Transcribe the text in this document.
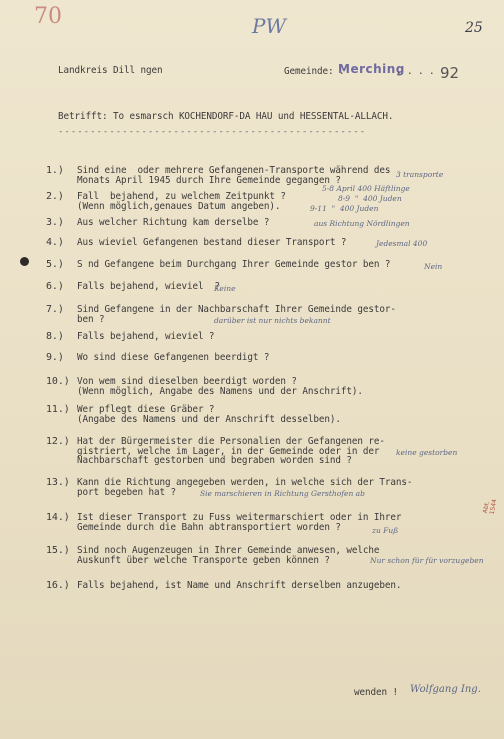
70	PW	25
Landkreis Dill ngen	Gemeinde: .
Merching
. . . . .
92
Betrifft: To esmarsch KOCHENDORF-DA HAU und HESSENTAL-ALLACH.
------------------------------------------------
1.) Sind eine  oder mehrere Gefangenen-Transporte während des
Monats April 1945 durch Ihre Gemeinde gegangen ?
3 transporte
2.) Fall  bejahend, zu welchem Zeitpunkt ?
(Wenn möglich,genaues Datum angeben).
5-8 April 400 Häftlinge
8-9  "  400 Juden
9-11  "  400 Juden
3.) Aus welcher Richtung kam derselbe ?	aus Richtung Nördlingen
4.) Aus wieviel Gefangenen bestand dieser Transport ?	Jedesmal 400
5.) S nd Gefangene beim Durchgang Ihrer Gemeinde gestor ben ?	Nein
6.) Falls bejahend, wieviel  ?
Keine
7.) Sind Gefangene in der Nachbarschaft Ihrer Gemeinde gestor-
ben ?	darüber ist nur nichts bekannt
8.) Falls bejahend, wieviel ?
9.) Wo sind diese Gefangenen beerdigt ?
10.) Von wem sind dieselben beerdigt worden ?
(Wenn möglich, Angabe des Namens und der Anschrift).
11.) Wer pflegt diese Gräber ?
(Angabe des Namens und der Anschrift desselben).
12.) Hat der Bürgermeister die Personalien der Gefangenen re-
gistriert, welche im Lager, in der Gemeinde oder in der
Nachbarschaft gestorben und begraben worden sind ?
keine gestorben
13.) Kann die Richtung angegeben werden, in welche sich der Trans-
port begeben hat ?	Sie marschieren in Richtung Gersthofen ab
14.) Ist dieser Transport zu Fuss weitermarschiert oder in Ihrer
Gemeinde durch die Bahn abtransportiert worden ?	zu Fuß
15.) Sind noch Augenzeugen in Ihrer Gemeinde anwesen, welche
Auskunft über welche Transporte geben können ?	Nur schon für für vorzugeben
16.) Falls bejahend, ist Name und Anschrift derselben anzugeben.
wenden ! Wolfgang Ing.
Abt. 1544
